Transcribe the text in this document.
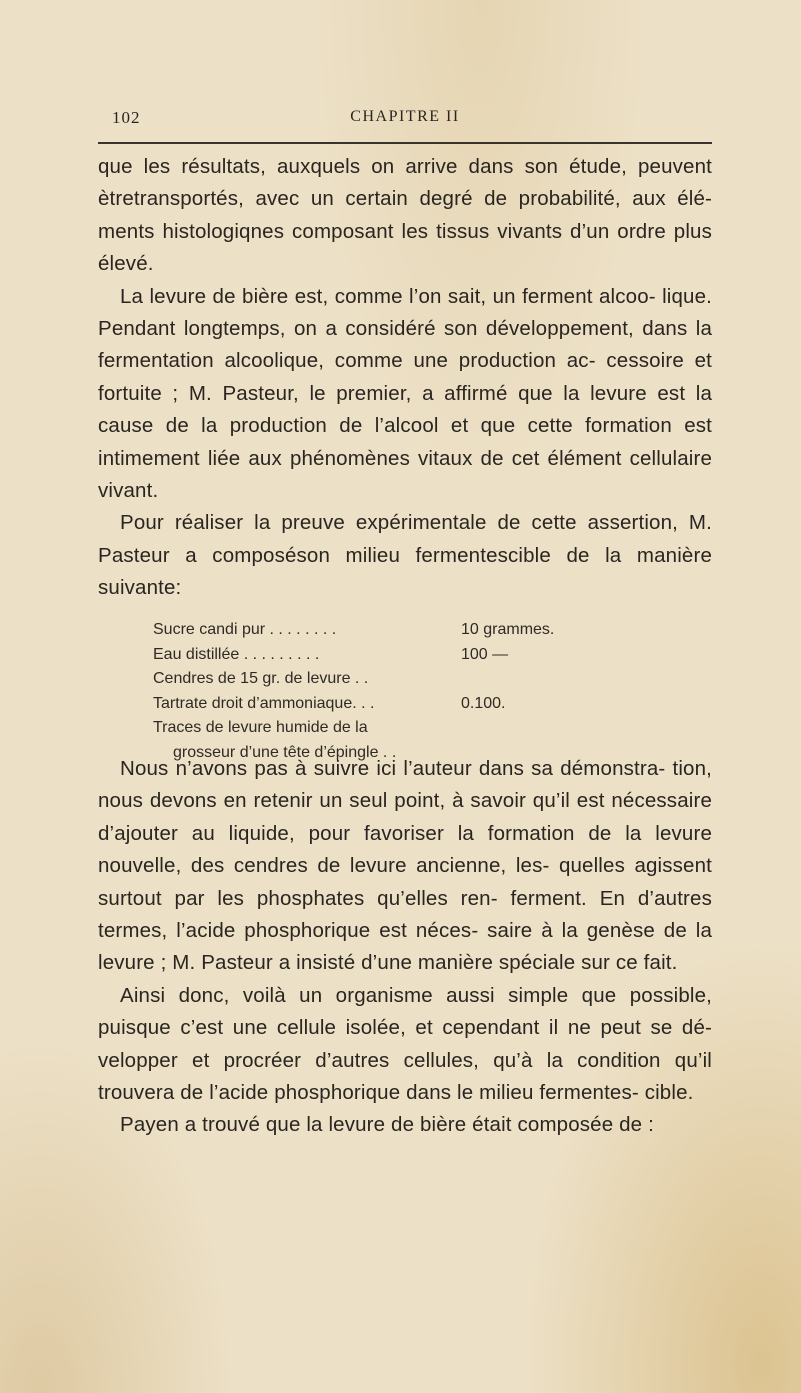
102	CHAPITRE II

que les résultats, auxquels on arrive dans son étude, peuvent ètretransportés, avec un certain degré de probabilité, aux élé- ments histologiqnes composant les tissus vivants d’un ordre plus élevé.

La levure de bière est, comme l’on sait, un ferment alcoo- lique. Pendant longtemps, on a considéré son développement, dans la fermentation alcoolique, comme une production ac- cessoire et fortuite ; M. Pasteur, le premier, a affirmé que la levure est la cause de la production de l’alcool et que cette formation est intimement liée aux phénomènes vitaux de cet élément cellulaire vivant.

Pour réaliser la preuve expérimentale de cette assertion, M. Pasteur a composéson milieu fermentescible de la manière suivante:

Sucre candi pur . . . . . . . .	10 grammes.
Eau distillée . . . . . . . . .	100 —
Cendres de 15 gr. de levure . .
Tartrate droit d’ammoniaque. . .	0.100.
Traces de levure humide de la
grosseur d’une tête d’épingle . .

Nous n’avons pas à suivre ici l’auteur dans sa démonstra- tion, nous devons en retenir un seul point, à savoir qu’il est nécessaire d’ajouter au liquide, pour favoriser la formation de la levure nouvelle, des cendres de levure ancienne, les- quelles agissent surtout par les phosphates qu’elles ren- ferment. En d’autres termes, l’acide phosphorique est néces- saire à la genèse de la levure ; M. Pasteur a insisté d’une manière spéciale sur ce fait.

Ainsi donc, voilà un organisme aussi simple que possible, puisque c’est une cellule isolée, et cependant il ne peut se dé- velopper et procréer d’autres cellules, qu’à la condition qu’il trouvera de l’acide phosphorique dans le milieu fermentes- cible.

Payen a trouvé que la levure de bière était composée de :
